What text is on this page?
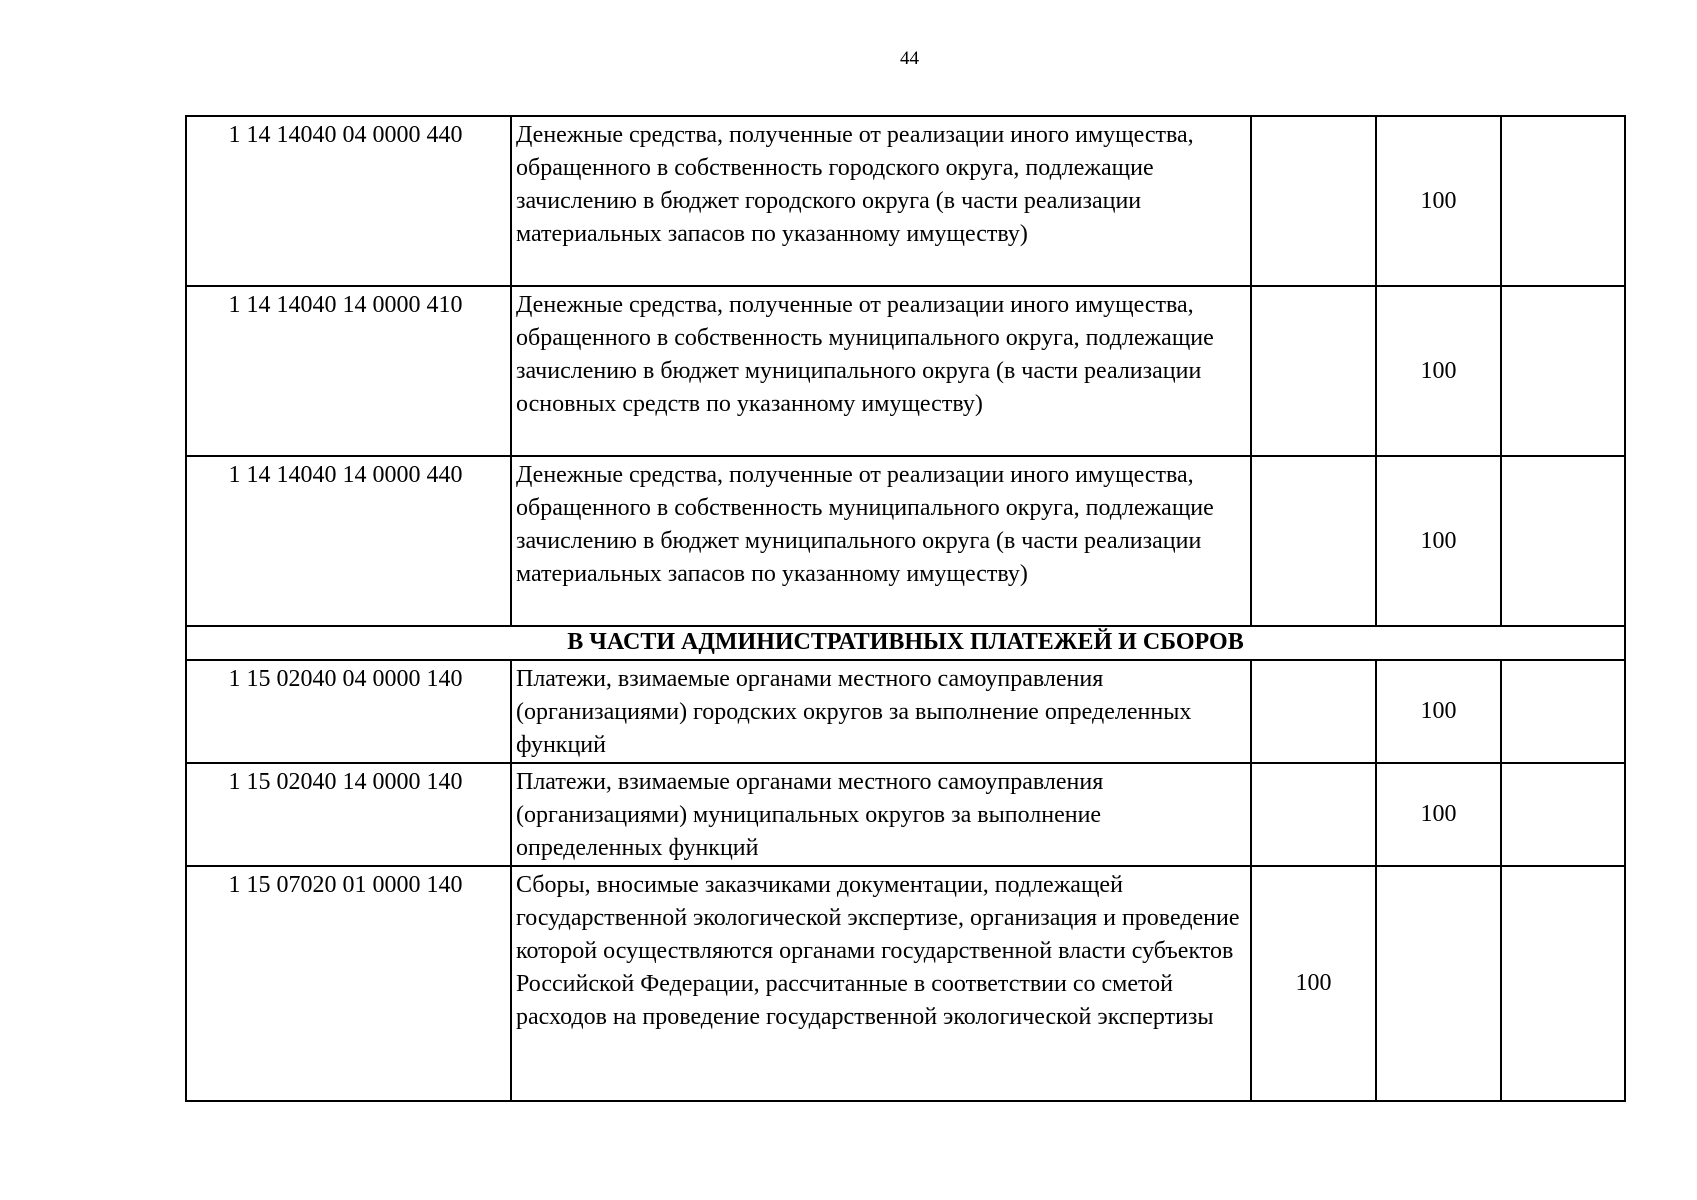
44
1 14 14040 04 0000 440	Денежные средства, полученные от реализации иного имущества, обращенного в собственность городского округа, подлежащие зачислению в бюджет городского округа (в части реализации материальных запасов по указанному имуществу)		100	
1 14 14040 14 0000 410	Денежные средства, полученные от реализации иного имущества, обращенного в собственность муниципального округа, подлежащие зачислению в бюджет муниципального округа (в части реализации основных средств по указанному имуществу)		100	
1 14 14040 14 0000 440	Денежные средства, полученные от реализации иного имущества, обращенного в собственность муниципального округа, подлежащие зачислению в бюджет муниципального округа (в части реализации материальных запасов по указанному имуществу)		100	
В ЧАСТИ АДМИНИСТРАТИВНЫХ ПЛАТЕЖЕЙ И СБОРОВ				
1 15 02040 04 0000 140	Платежи, взимаемые органами местного самоуправления (организациями) городских округов за выполнение определенных функций		100	
1 15 02040 14 0000 140	Платежи, взимаемые органами местного самоуправления (организациями) муниципальных округов за выполнение определенных функций		100	
1 15 07020 01 0000 140	Сборы, вносимые заказчиками документации, подлежащей государственной экологической экспертизе, организация и проведение которой осуществляются органами государственной власти субъектов Российской Федерации, рассчитанные в соответствии со сметой расходов на проведение государственной экологической экспертизы	100		
